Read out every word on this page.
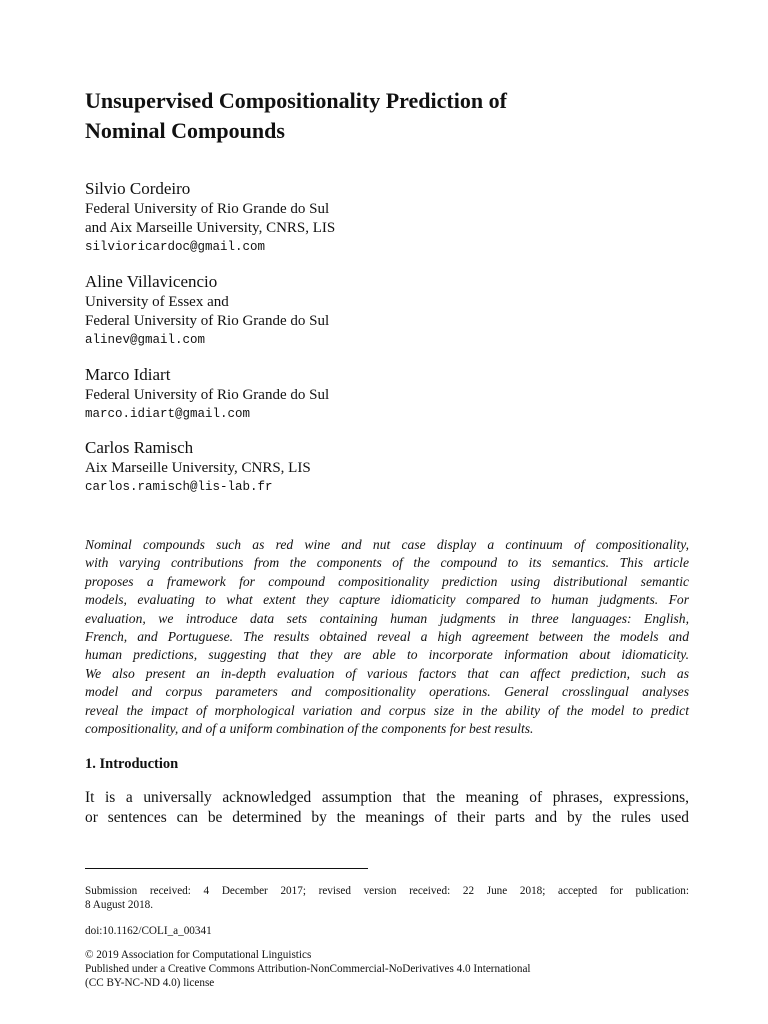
Unsupervised Compositionality Prediction of
Nominal Compounds
Silvio Cordeiro
Federal University of Rio Grande do Sul
and Aix Marseille University, CNRS, LIS
silvioricardoc@gmail.com
Aline Villavicencio
University of Essex and
Federal University of Rio Grande do Sul
alinev@gmail.com
Marco Idiart
Federal University of Rio Grande do Sul
marco.idiart@gmail.com
Carlos Ramisch
Aix Marseille University, CNRS, LIS
carlos.ramisch@lis-lab.fr

Nominal compounds such as red wine and nut case display a continuum of compositionality,
with varying contributions from the components of the compound to its semantics. This article
proposes a framework for compound compositionality prediction using distributional semantic
models, evaluating to what extent they capture idiomaticity compared to human judgments. For
evaluation, we introduce data sets containing human judgments in three languages: English,
French, and Portuguese. The results obtained reveal a high agreement between the models and
human predictions, suggesting that they are able to incorporate information about idiomaticity.
We also present an in-depth evaluation of various factors that can affect prediction, such as
model and corpus parameters and compositionality operations. General crosslingual analyses
reveal the impact of morphological variation and corpus size in the ability of the model to predict
compositionality, and of a uniform combination of the components for best results.

1. Introduction

It is a universally acknowledged assumption that the meaning of phrases, expressions,
or sentences can be determined by the meanings of their parts and by the rules used

Submission received: 4 December 2017; revised version received: 22 June 2018; accepted for publication:
8 August 2018.

doi:10.1162/COLI_a_00341

© 2019 Association for Computational Linguistics
Published under a Creative Commons Attribution-NonCommercial-NoDerivatives 4.0 International
(CC BY-NC-ND 4.0) license
